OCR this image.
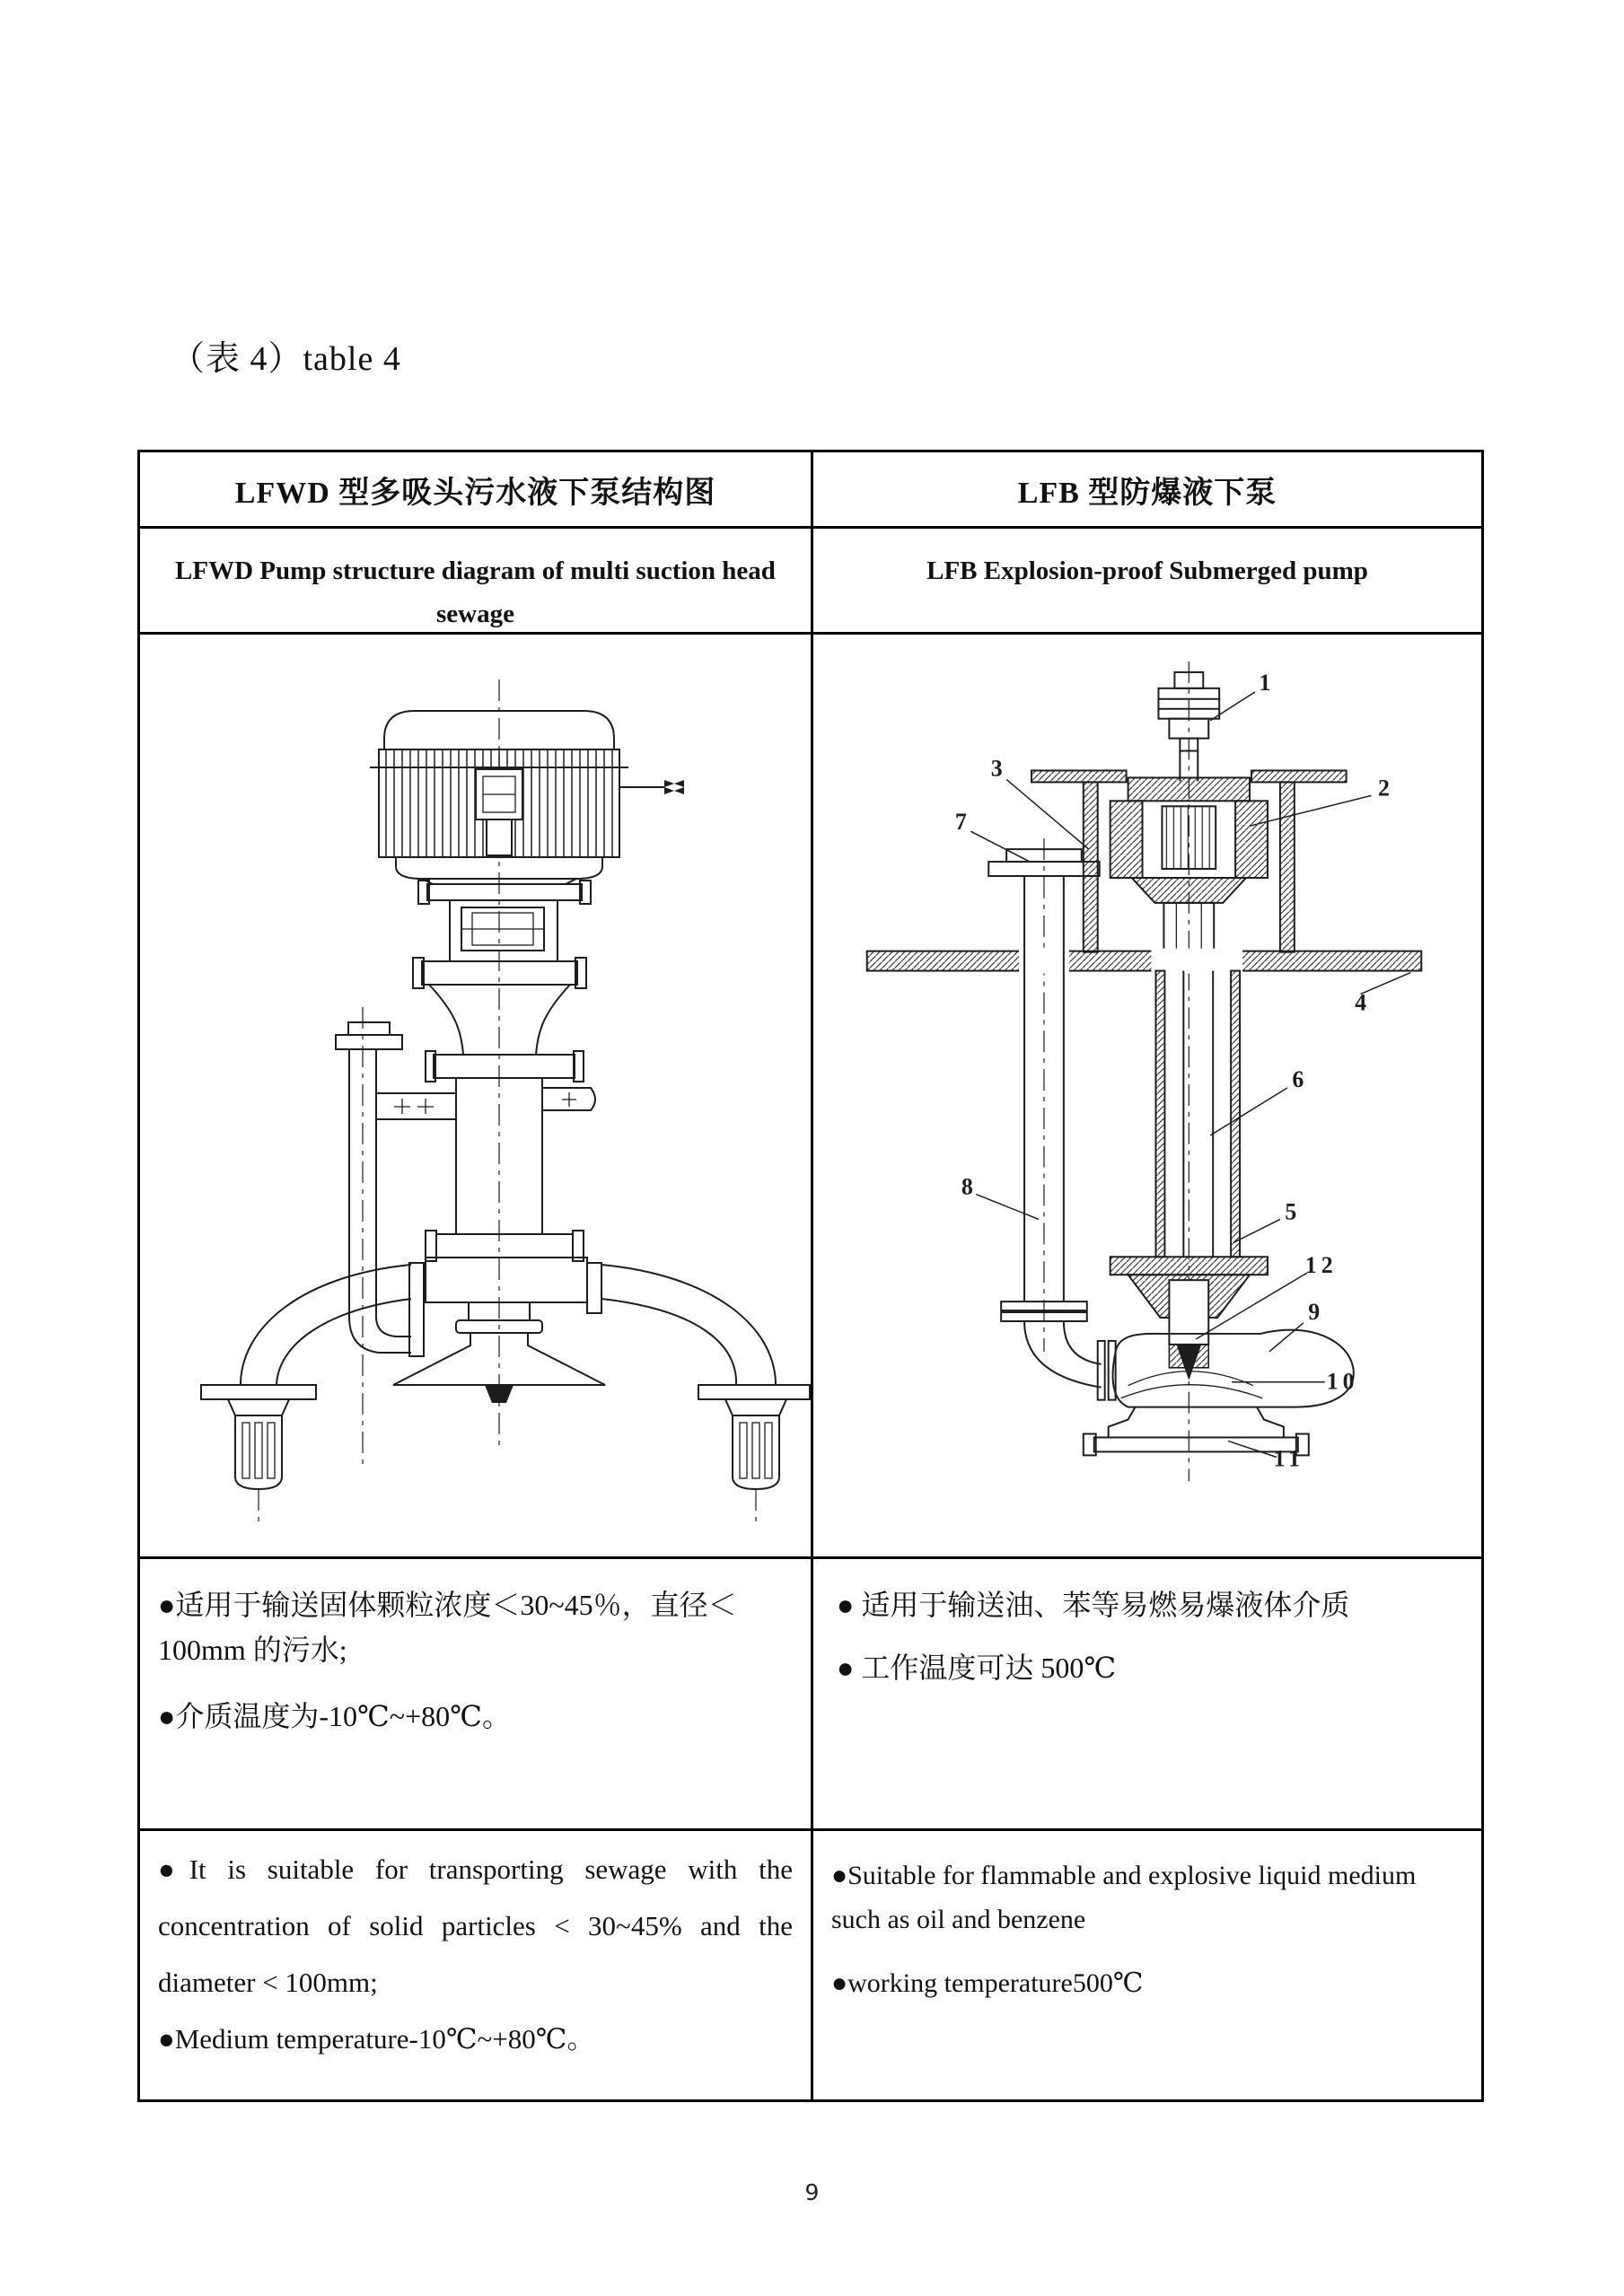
（表 4）table 4
LFWD 型多吸头污水液下泵结构图	LFB 型防爆液下泵
LFWD Pump structure diagram of multi suction head
sewage
LFB Explosion-proof Submerged pump
1
2
3
7
4
6
8
5
12
9
10
11

●适用于输送固体颗粒浓度＜30~45％，直径＜100mm 的污水;

●介质温度为-10℃~+80℃。

● 适用于输送油、苯等易燃易爆液体介质

● 工作温度可达 500℃

●It is suitable for transporting sewage with the concentration of solid particles < 30~45% and the diameter < 100mm;

●Medium temperature-10℃~+80℃。

●Suitable for flammable and explosive liquid medium such as oil and benzene

●working temperature500℃

9
